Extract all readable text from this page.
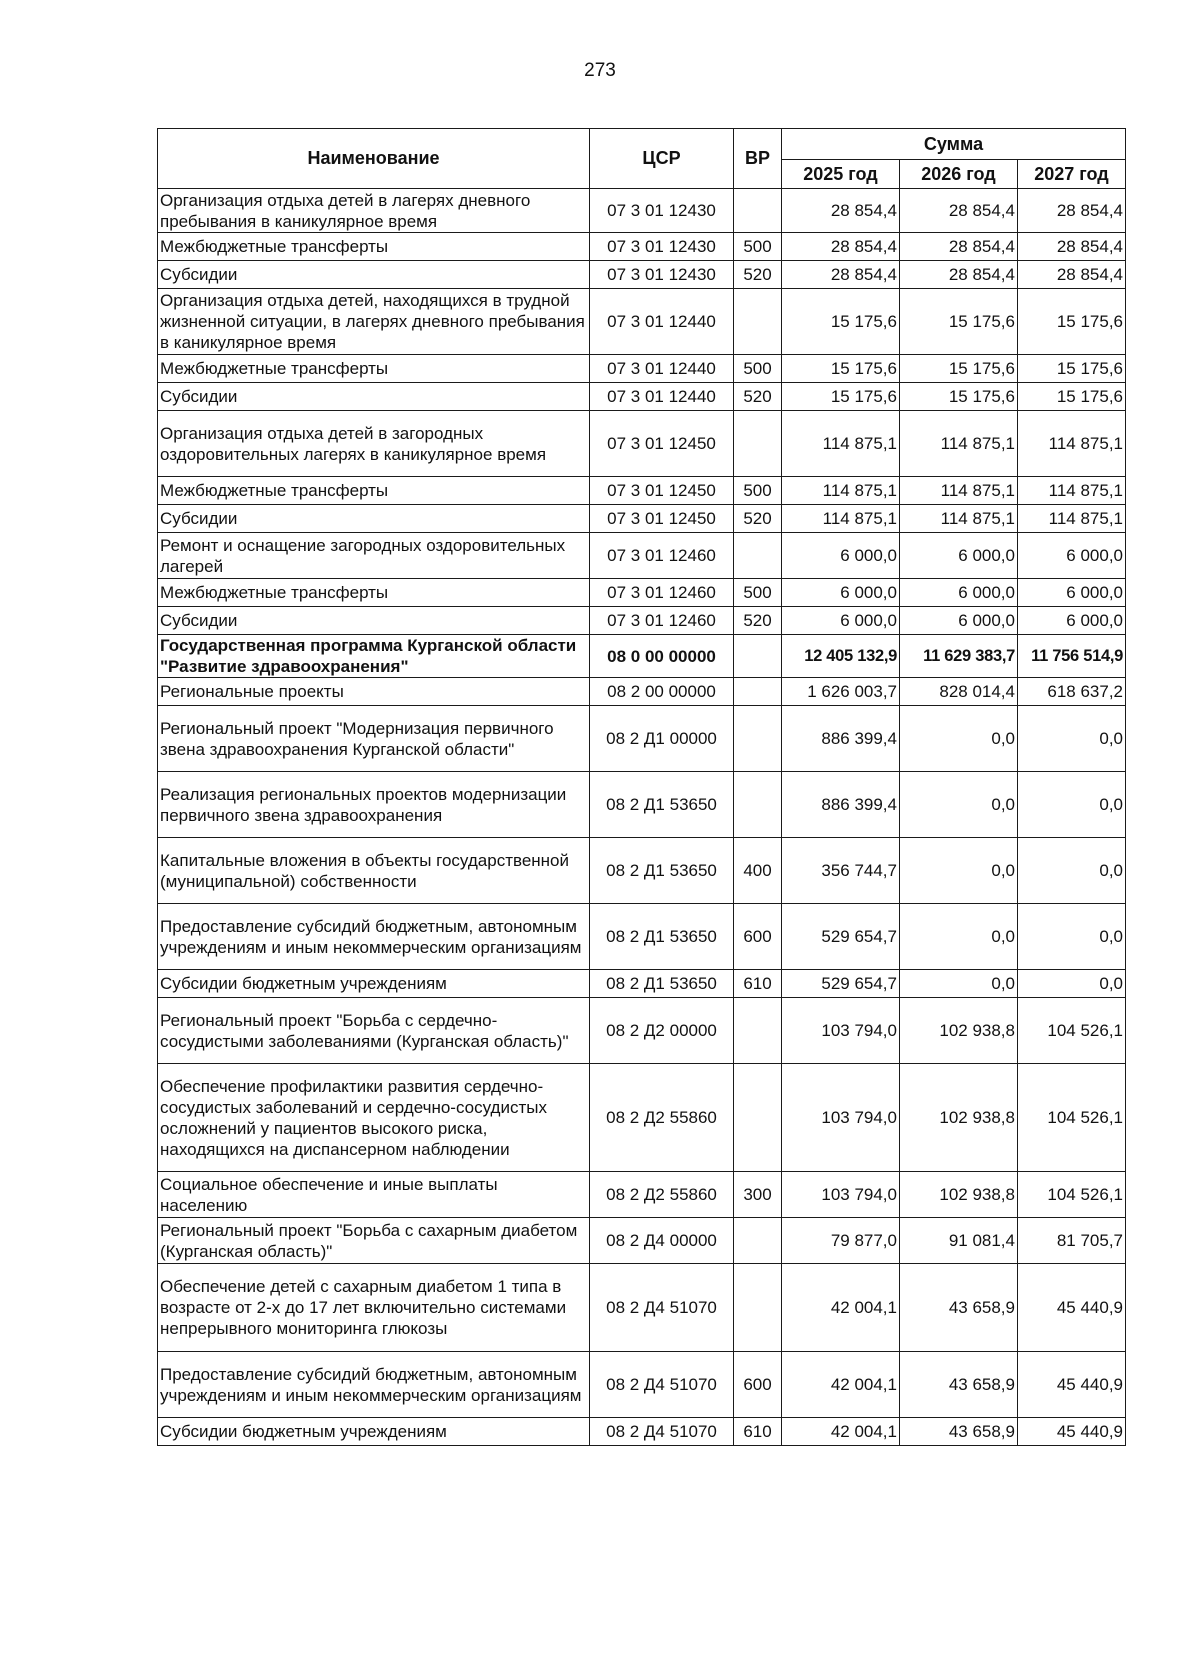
273
Наименование	ЦСР	ВР	Сумма		
			2025 год	2026 год	2027 год
Организация отдыха детей в лагерях дневного пребывания в каникулярное время	07 3 01 12430		28 854,4	28 854,4	28 854,4
Межбюджетные трансферты	07 3 01 12430	500	28 854,4	28 854,4	28 854,4
Субсидии	07 3 01 12430	520	28 854,4	28 854,4	28 854,4
Организация отдыха детей, находящихся в трудной жизненной ситуации, в лагерях дневного пребывания в каникулярное время	07 3 01 12440		15 175,6	15 175,6	15 175,6
Межбюджетные трансферты	07 3 01 12440	500	15 175,6	15 175,6	15 175,6
Субсидии	07 3 01 12440	520	15 175,6	15 175,6	15 175,6
Организация отдыха детей в загородных оздоровительных лагерях в каникулярное время	07 3 01 12450		114 875,1	114 875,1	114 875,1
Межбюджетные трансферты	07 3 01 12450	500	114 875,1	114 875,1	114 875,1
Субсидии	07 3 01 12450	520	114 875,1	114 875,1	114 875,1
Ремонт и оснащение загородных оздоровительных лагерей	07 3 01 12460		6 000,0	6 000,0	6 000,0
Межбюджетные трансферты	07 3 01 12460	500	6 000,0	6 000,0	6 000,0
Субсидии	07 3 01 12460	520	6 000,0	6 000,0	6 000,0
Государственная программа Курганской области "Развитие здравоохранения"	08 0 00 00000		12 405 132,9	11 629 383,7	11 756 514,9
Региональные проекты	08 2 00 00000		1 626 003,7	828 014,4	618 637,2
Региональный проект "Модернизация первичного звена здравоохранения Курганской области"	08 2 Д1 00000		886 399,4	0,0	0,0
Реализация региональных проектов модернизации первичного звена здравоохранения	08 2 Д1 53650		886 399,4	0,0	0,0
Капитальные вложения в объекты государственной (муниципальной) собственности	08 2 Д1 53650	400	356 744,7	0,0	0,0
Предоставление субсидий бюджетным, автономным учреждениям и иным некоммерческим организациям	08 2 Д1 53650	600	529 654,7	0,0	0,0
Субсидии бюджетным учреждениям	08 2 Д1 53650	610	529 654,7	0,0	0,0
Региональный проект "Борьба с сердечно-сосудистыми заболеваниями (Курганская область)"	08 2 Д2 00000		103 794,0	102 938,8	104 526,1
Обеспечение профилактики развития сердечно-сосудистых заболеваний и сердечно-сосудистых осложнений у пациентов высокого риска, находящихся на диспансерном наблюдении	08 2 Д2 55860		103 794,0	102 938,8	104 526,1
Социальное обеспечение и иные выплаты населению	08 2 Д2 55860	300	103 794,0	102 938,8	104 526,1
Региональный проект "Борьба с сахарным диабетом (Курганская область)"	08 2 Д4 00000		79 877,0	91 081,4	81 705,7
Обеспечение детей с сахарным диабетом 1 типа в возрасте от 2-х до 17 лет включительно системами непрерывного мониторинга глюкозы	08 2 Д4 51070		42 004,1	43 658,9	45 440,9
Предоставление субсидий бюджетным, автономным учреждениям и иным некоммерческим организациям	08 2 Д4 51070	600	42 004,1	43 658,9	45 440,9
Субсидии бюджетным учреждениям	08 2 Д4 51070	610	42 004,1	43 658,9	45 440,9
